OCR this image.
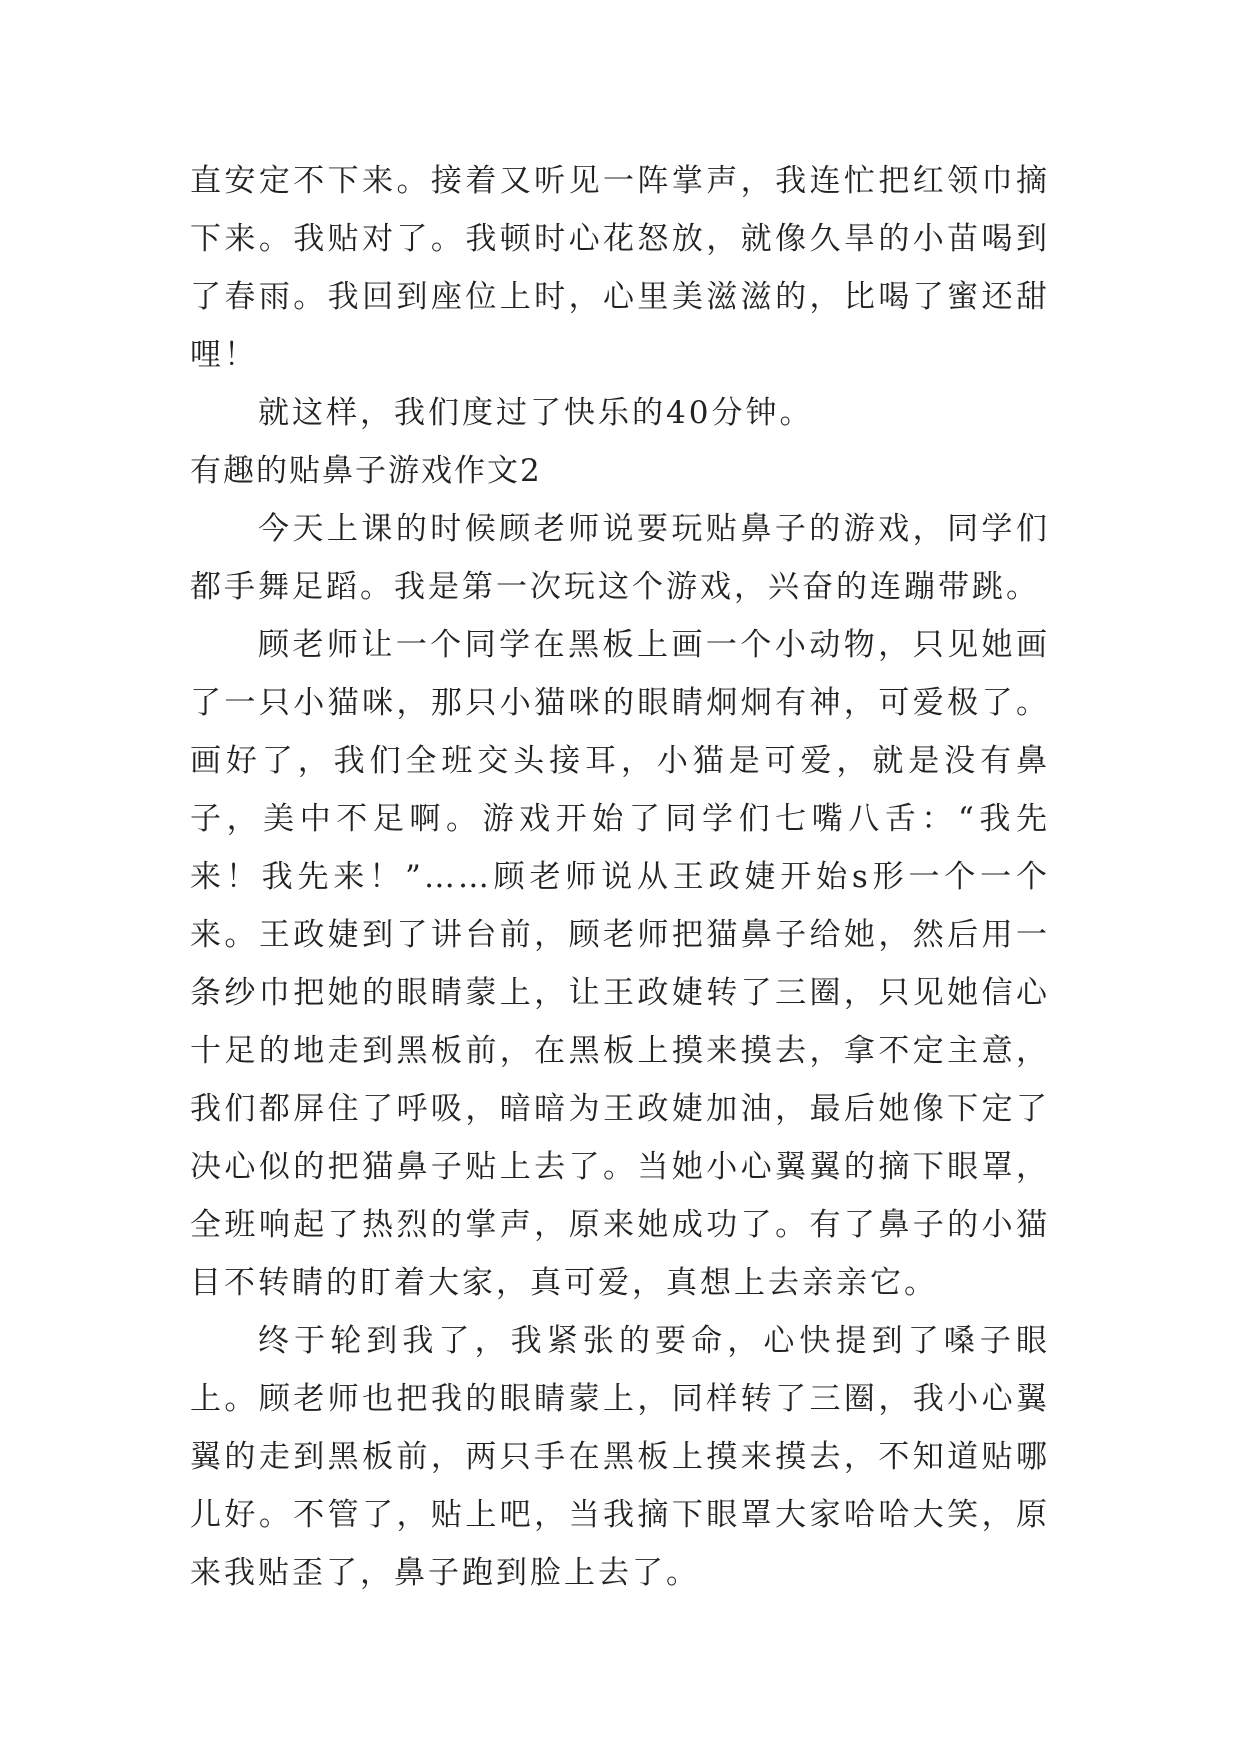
直安定不下来。接着又听见一阵掌声，我连忙把红领巾摘下来。我贴对了。我顿时心花怒放，就像久旱的小苗喝到了春雨。我回到座位上时，心里美滋滋的，比喝了蜜还甜哩！

就这样，我们度过了快乐的40分钟。

有趣的贴鼻子游戏作文2

今天上课的时候顾老师说要玩贴鼻子的游戏，同学们都手舞足蹈。我是第一次玩这个游戏，兴奋的连蹦带跳。

顾老师让一个同学在黑板上画一个小动物，只见她画了一只小猫咪，那只小猫咪的眼睛炯炯有神，可爱极了。画好了，我们全班交头接耳，小猫是可爱，就是没有鼻子，美中不足啊。游戏开始了同学们七嘴八舌：“我先来！我先来！”……顾老师说从王政婕开始s形一个一个来。王政婕到了讲台前，顾老师把猫鼻子给她，然后用一条纱巾把她的眼睛蒙上，让王政婕转了三圈，只见她信心十足的地走到黑板前，在黑板上摸来摸去，拿不定主意，我们都屏住了呼吸，暗暗为王政婕加油，最后她像下定了决心似的把猫鼻子贴上去了。当她小心翼翼的摘下眼罩，全班响起了热烈的掌声，原来她成功了。有了鼻子的小猫目不转睛的盯着大家，真可爱，真想上去亲亲它。

终于轮到我了，我紧张的要命，心快提到了嗓子眼上。顾老师也把我的眼睛蒙上，同样转了三圈，我小心翼翼的走到黑板前，两只手在黑板上摸来摸去，不知道贴哪儿好。不管了，贴上吧，当我摘下眼罩大家哈哈大笑，原来我贴歪了，鼻子跑到脸上去了。
